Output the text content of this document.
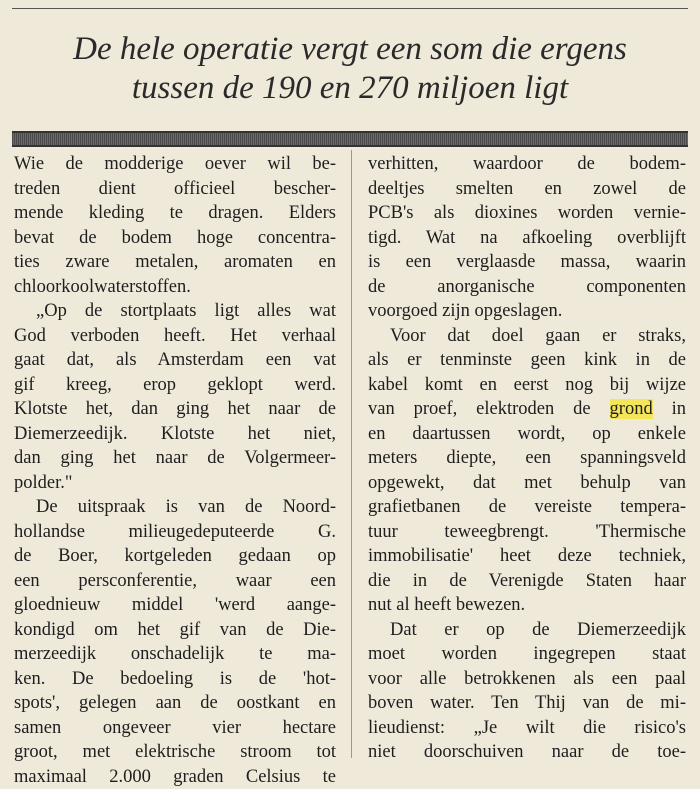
De hele operatie vergt een som die ergens
tussen de 190 en 270 miljoen ligt
Wie de modderige oever wil be-
treden dient officieel bescher-
mende kleding te dragen. Elders
bevat de bodem hoge concentra-
ties zware metalen, aromaten en
chloorkoolwaterstoffen.
„Op de stortplaats ligt alles wat
God verboden heeft. Het verhaal
gaat dat, als Amsterdam een vat
gif kreeg, erop geklopt werd.
Klotste het, dan ging het naar de
Diemerzeedijk. Klotste het niet,
dan ging het naar de Volgermeer-
polder."
De uitspraak is van de Noord-
hollandse milieugedeputeerde G.
de Boer, kortgeleden gedaan op
een persconferentie, waar een
gloednieuw middel 'werd aange-
kondigd om het gif van de Die-
merzeedijk onschadelijk te ma-
ken. De bedoeling is de 'hot-
spots', gelegen aan de oostkant en
samen ongeveer vier hectare
groot, met elektrische stroom tot
maximaal 2.000 graden Celsius te
verhitten, waardoor de bodem-
deeltjes smelten en zowel de
PCB's als dioxines worden vernie-
tigd. Wat na afkoeling overblijft
is een verglaasde massa, waarin
de anorganische componenten
voorgoed zijn opgeslagen.
Voor dat doel gaan er straks,
als er tenminste geen kink in de
kabel komt en eerst nog bij wijze
van proef, elektroden de grond in
en daartussen wordt, op enkele
meters diepte, een spanningsveld
opgewekt, dat met behulp van
grafietbanen de vereiste tempera-
tuur teweegbrengt. 'Thermische
immobilisatie' heet deze techniek,
die in de Verenigde Staten haar
nut al heeft bewezen.
Dat er op de Diemerzeedijk
moet worden ingegrepen staat
voor alle betrokkenen als een paal
boven water. Ten Thij van de mi-
lieudienst: „Je wilt die risico's
niet doorschuiven naar de toe-
